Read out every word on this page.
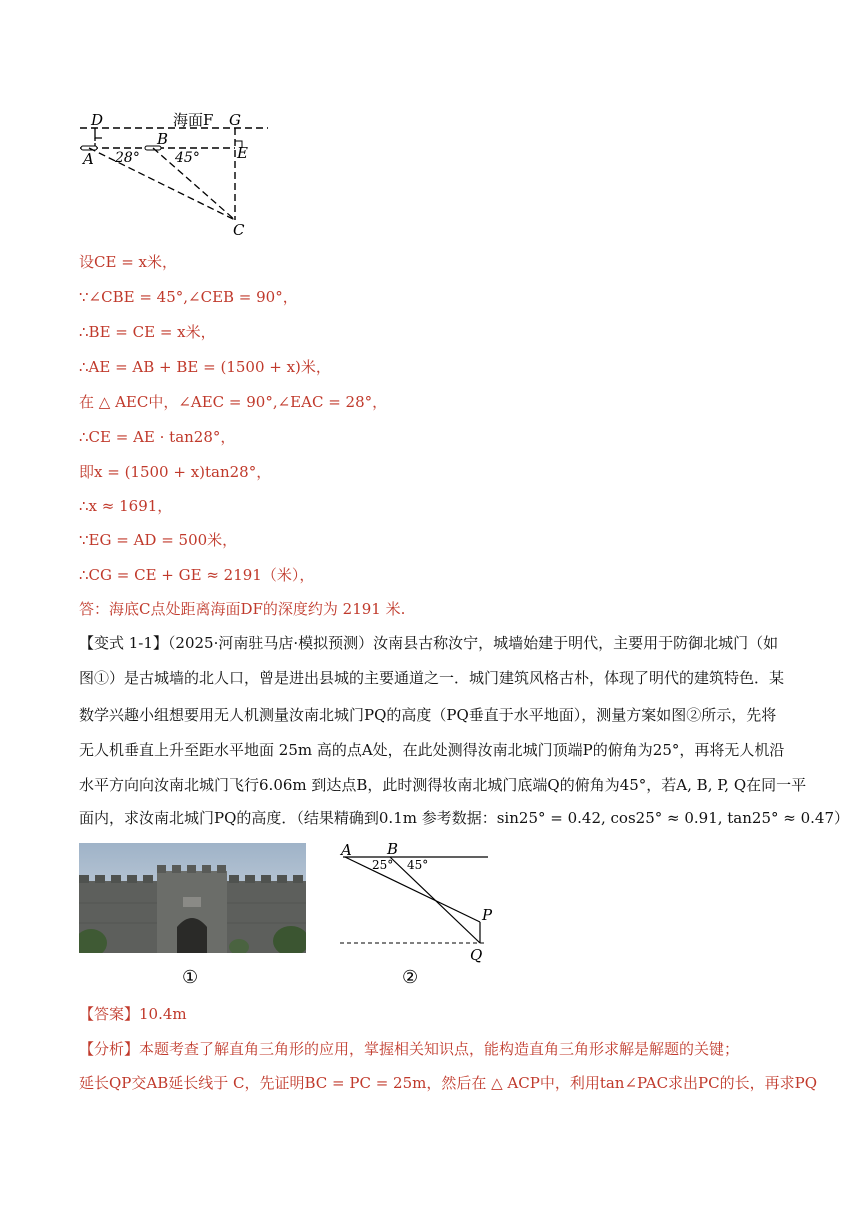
D	海面F G
B
E
A 28°	45°
C
设CE = x米，
∵∠CBE = 45°,∠CEB = 90°，
∴BE = CE = x米，
∴AE = AB + BE = (1500 + x)米，
在 △ AEC中，∠AEC = 90°,∠EAC = 28°，
∴CE = AE · tan28°，
即x = (1500 + x)tan28°，
∴x ≈ 1691，
∵EG = AD = 500米，
∴CG = CE + GE ≈ 2191（米），
答：海底C点处距离海面DF的深度约为 2191 米.
【变式 1-1】（2025·河南驻马店·模拟预测）汝南县古称汝宁，城墙始建于明代，主要用于防御北城门（如
图①）是古城墙的北人口，曾是进出县城的主要通道之一．城门建筑风格古朴，体现了明代的建筑特色．某
数学兴趣小组想要用无人机测量汝南北城门PQ的高度（PQ垂直于水平地面），测量方案如图②所示，先将
无人机垂直上升至距水平地面 25m 高的点A处，在此处测得汝南北城门顶端P的俯角为25°，再将无人机沿
水平方向向汝南北城门飞行6.06m 到达点B，此时测得妆南北城门底端Q的俯角为45°，若A, B, P, Q在同一平
面内，求汝南北城门PQ的高度．（结果精确到0.1m 参考数据：sin25° = 0.42, cos25° ≈ 0.91, tan25° ≈ 0.47）
A B
25° 45°
P
Q
①	②
【答案】10.4m
【分析】本题考查了解直角三角形的应用，掌握相关知识点，能构造直角三角形求解是解题的关键；
延长QP交AB延长线于 C，先证明BC = PC = 25m，然后在 △ ACP中，利用tan∠PAC求出PC的长，再求PQ
